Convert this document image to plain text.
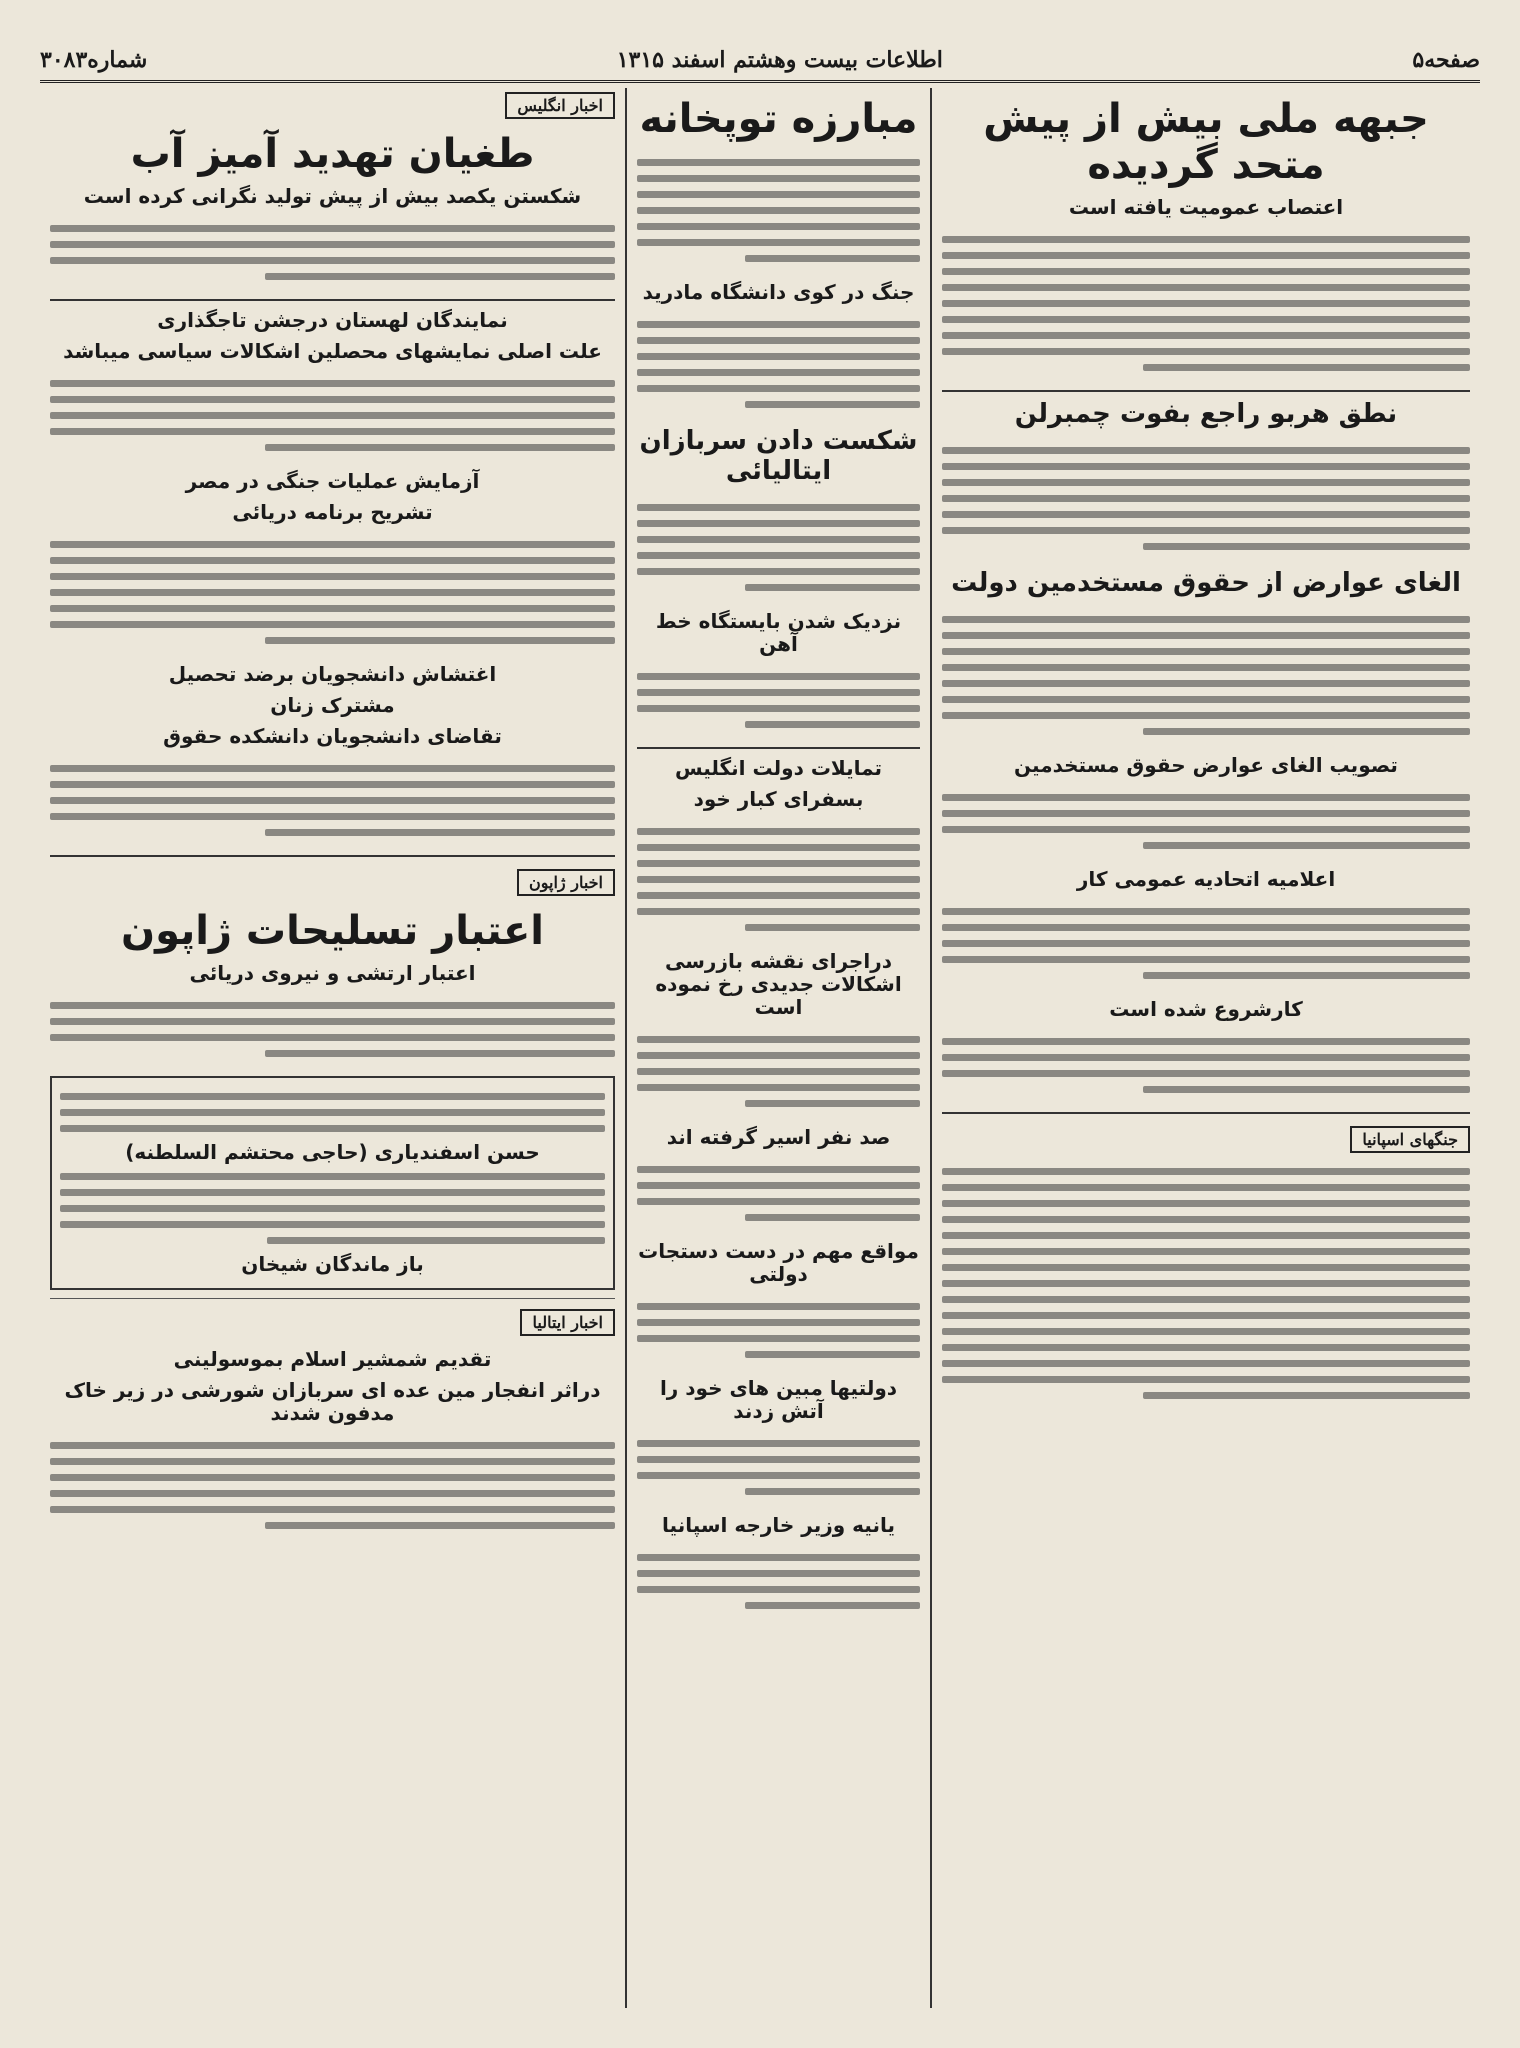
صفحه۵
اطلاعات بیست وهشتم اسفند ۱۳۱۵
شماره۳۰۸۳
جبهه ملی بیش از پیش متحد گردیده
اعتصاب عمومیت یافته است
نطق هربو راجع بفوت چمبرلن
الغای عوارض از حقوق مستخدمین دولت
تصویب الغای عوارض حقوق مستخدمین
اعلامیه اتحادیه عمومی کار
کارشروع شده است
جنگهای اسپانیا
مبارزه توپخانه
جنگ در کوی دانشگاه مادرید
شکست دادن سربازان ایتالیائی
نزدیک شدن بایستگاه خط آهن
تمایلات دولت انگلیس
بسفرای کبار خود
دراجرای نقشه بازرسی اشکالات جدیدی رخ نموده است
صد نفر اسیر گرفته اند
مواقع مهم در دست دستجات دولتی
دولتیها مبین های خود را آتش زدند
یانیه وزیر خارجه اسپانیا
اخبار انگلیس
طغیان تهدید آمیز آب
شکستن یکصد بیش از پیش تولید نگرانی کرده است
نمایندگان لهستان درجشن تاجگذاری
علت اصلی نمایشهای محصلین اشکالات سیاسی میباشد
آزمایش عملیات جنگی در مصر
تشریح برنامه دریائی
اغتشاش دانشجویان برضد تحصیل
مشترک زنان
تقاضای دانشجویان دانشکده حقوق
اخبار ژاپون
اعتبار تسلیحات ژاپون
اعتبار ارتشی و نیروی دریائی
حسن اسفندیاری (حاجی محتشم السلطنه)
باز ماندگان شیخان
اخبار ایتالیا
تقدیم شمشیر اسلام بموسولینی
دراثر انفجار مین عده ای سربازان شورشی در زیر خاک مدفون شدند
